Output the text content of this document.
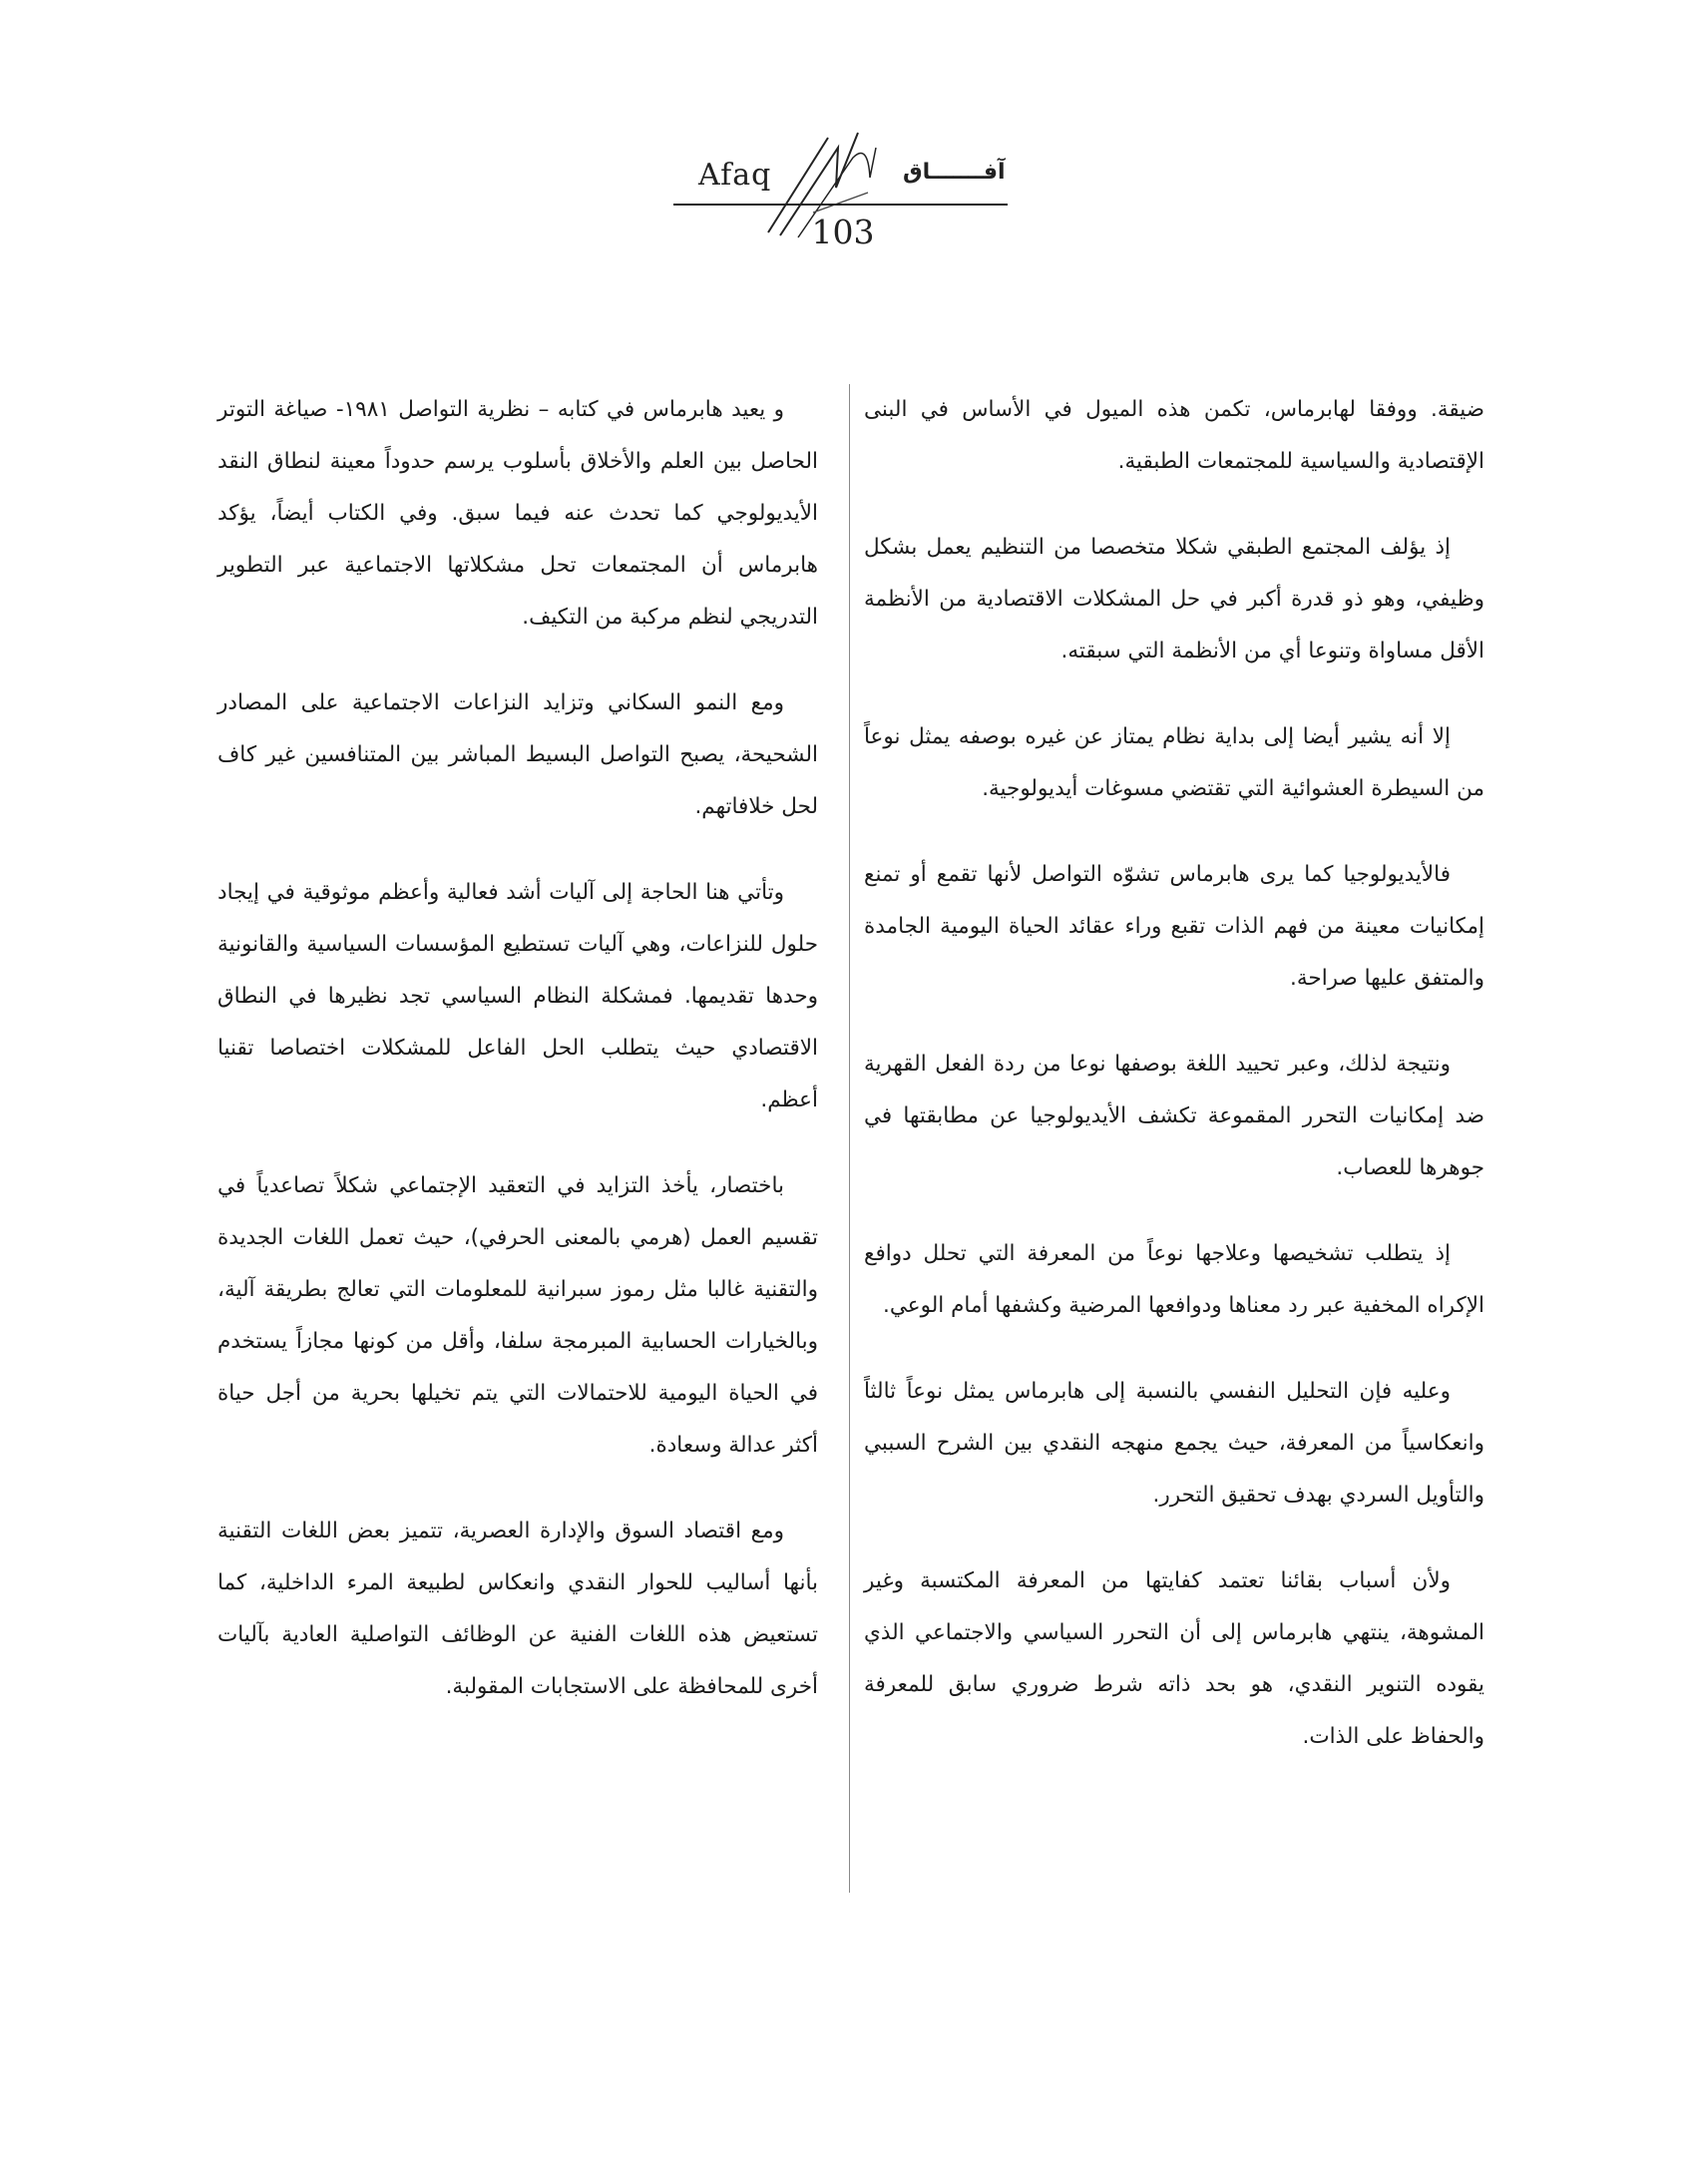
Afaq	آفـــــــاق
103

ضيقة. ووفقا لهابرماس، تكمن هذه الميول في الأساس في البنى الإقتصادية والسياسية للمجتمعات الطبقية.

إذ يؤلف المجتمع الطبقي شكلا متخصصا من التنظيم يعمل بشكل وظيفي، وهو ذو قدرة أكبر في حل المشكلات الاقتصادية من الأنظمة الأقل مساواة وتنوعا أي من الأنظمة التي سبقته.

إلا أنه يشير أيضا إلى بداية نظام يمتاز عن غيره بوصفه يمثل نوعاً من السيطرة العشوائية التي تقتضي مسوغات أيديولوجية.

فالأيديولوجيا كما يرى هابرماس تشوّه التواصل لأنها تقمع أو تمنع إمكانيات معينة من فهم الذات تقبع وراء عقائد الحياة اليومية الجامدة والمتفق عليها صراحة.

ونتيجة لذلك، وعبر تحييد اللغة بوصفها نوعا من ردة الفعل القهرية ضد إمكانيات التحرر المقموعة تكشف الأيديولوجيا عن مطابقتها في جوهرها للعصاب.

إذ يتطلب تشخيصها وعلاجها نوعاً من المعرفة التي تحلل دوافع الإكراه المخفية عبر رد معناها ودوافعها المرضية وكشفها أمام الوعي.

وعليه فإن التحليل النفسي بالنسبة إلى هابرماس يمثل نوعاً ثالثاً وانعكاسياً من المعرفة، حيث يجمع منهجه النقدي بين الشرح السببي والتأويل السردي بهدف تحقيق التحرر.

ولأن أسباب بقائنا تعتمد كفايتها من المعرفة المكتسبة وغير المشوهة، ينتهي هابرماس إلى أن التحرر السياسي والاجتماعي الذي يقوده التنوير النقدي، هو بحد ذاته شرط ضروري سابق للمعرفة والحفاظ على الذات.

و يعيد هابرماس في كتابه – نظرية التواصل ١٩٨١- صياغة التوتر الحاصل بين العلم والأخلاق بأسلوب يرسم حدوداً معينة لنطاق النقد الأيديولوجي كما تحدث عنه فيما سبق. وفي الكتاب أيضاً، يؤكد هابرماس أن المجتمعات تحل مشكلاتها الاجتماعية عبر التطوير التدريجي لنظم مركبة من التكيف.

ومع النمو السكاني وتزايد النزاعات الاجتماعية على المصادر الشحيحة، يصبح التواصل البسيط المباشر بين المتنافسين غير كاف لحل خلافاتهم.

وتأتي هنا الحاجة إلى آليات أشد فعالية وأعظم موثوقية في إيجاد حلول للنزاعات، وهي آليات تستطيع المؤسسات السياسية والقانونية وحدها تقديمها. فمشكلة النظام السياسي تجد نظيرها في النطاق الاقتصادي حيث يتطلب الحل الفاعل للمشكلات اختصاصا تقنيا أعظم.

باختصار، يأخذ التزايد في التعقيد الإجتماعي شكلاً تصاعدياً في تقسيم العمل (هرمي بالمعنى الحرفي)، حيث تعمل اللغات الجديدة والتقنية غالبا مثل رموز سبرانية للمعلومات التي تعالج بطريقة آلية، وبالخيارات الحسابية المبرمجة سلفا، وأقل من كونها مجازاً يستخدم في الحياة اليومية للاحتمالات التي يتم تخيلها بحرية من أجل حياة أكثر عدالة وسعادة.

ومع اقتصاد السوق والإدارة العصرية، تتميز بعض اللغات التقنية بأنها أساليب للحوار النقدي وانعكاس لطبيعة المرء الداخلية، كما تستعيض هذه اللغات الفنية عن الوظائف التواصلية العادية بآليات أخرى للمحافظة على الاستجابات المقولبة.
